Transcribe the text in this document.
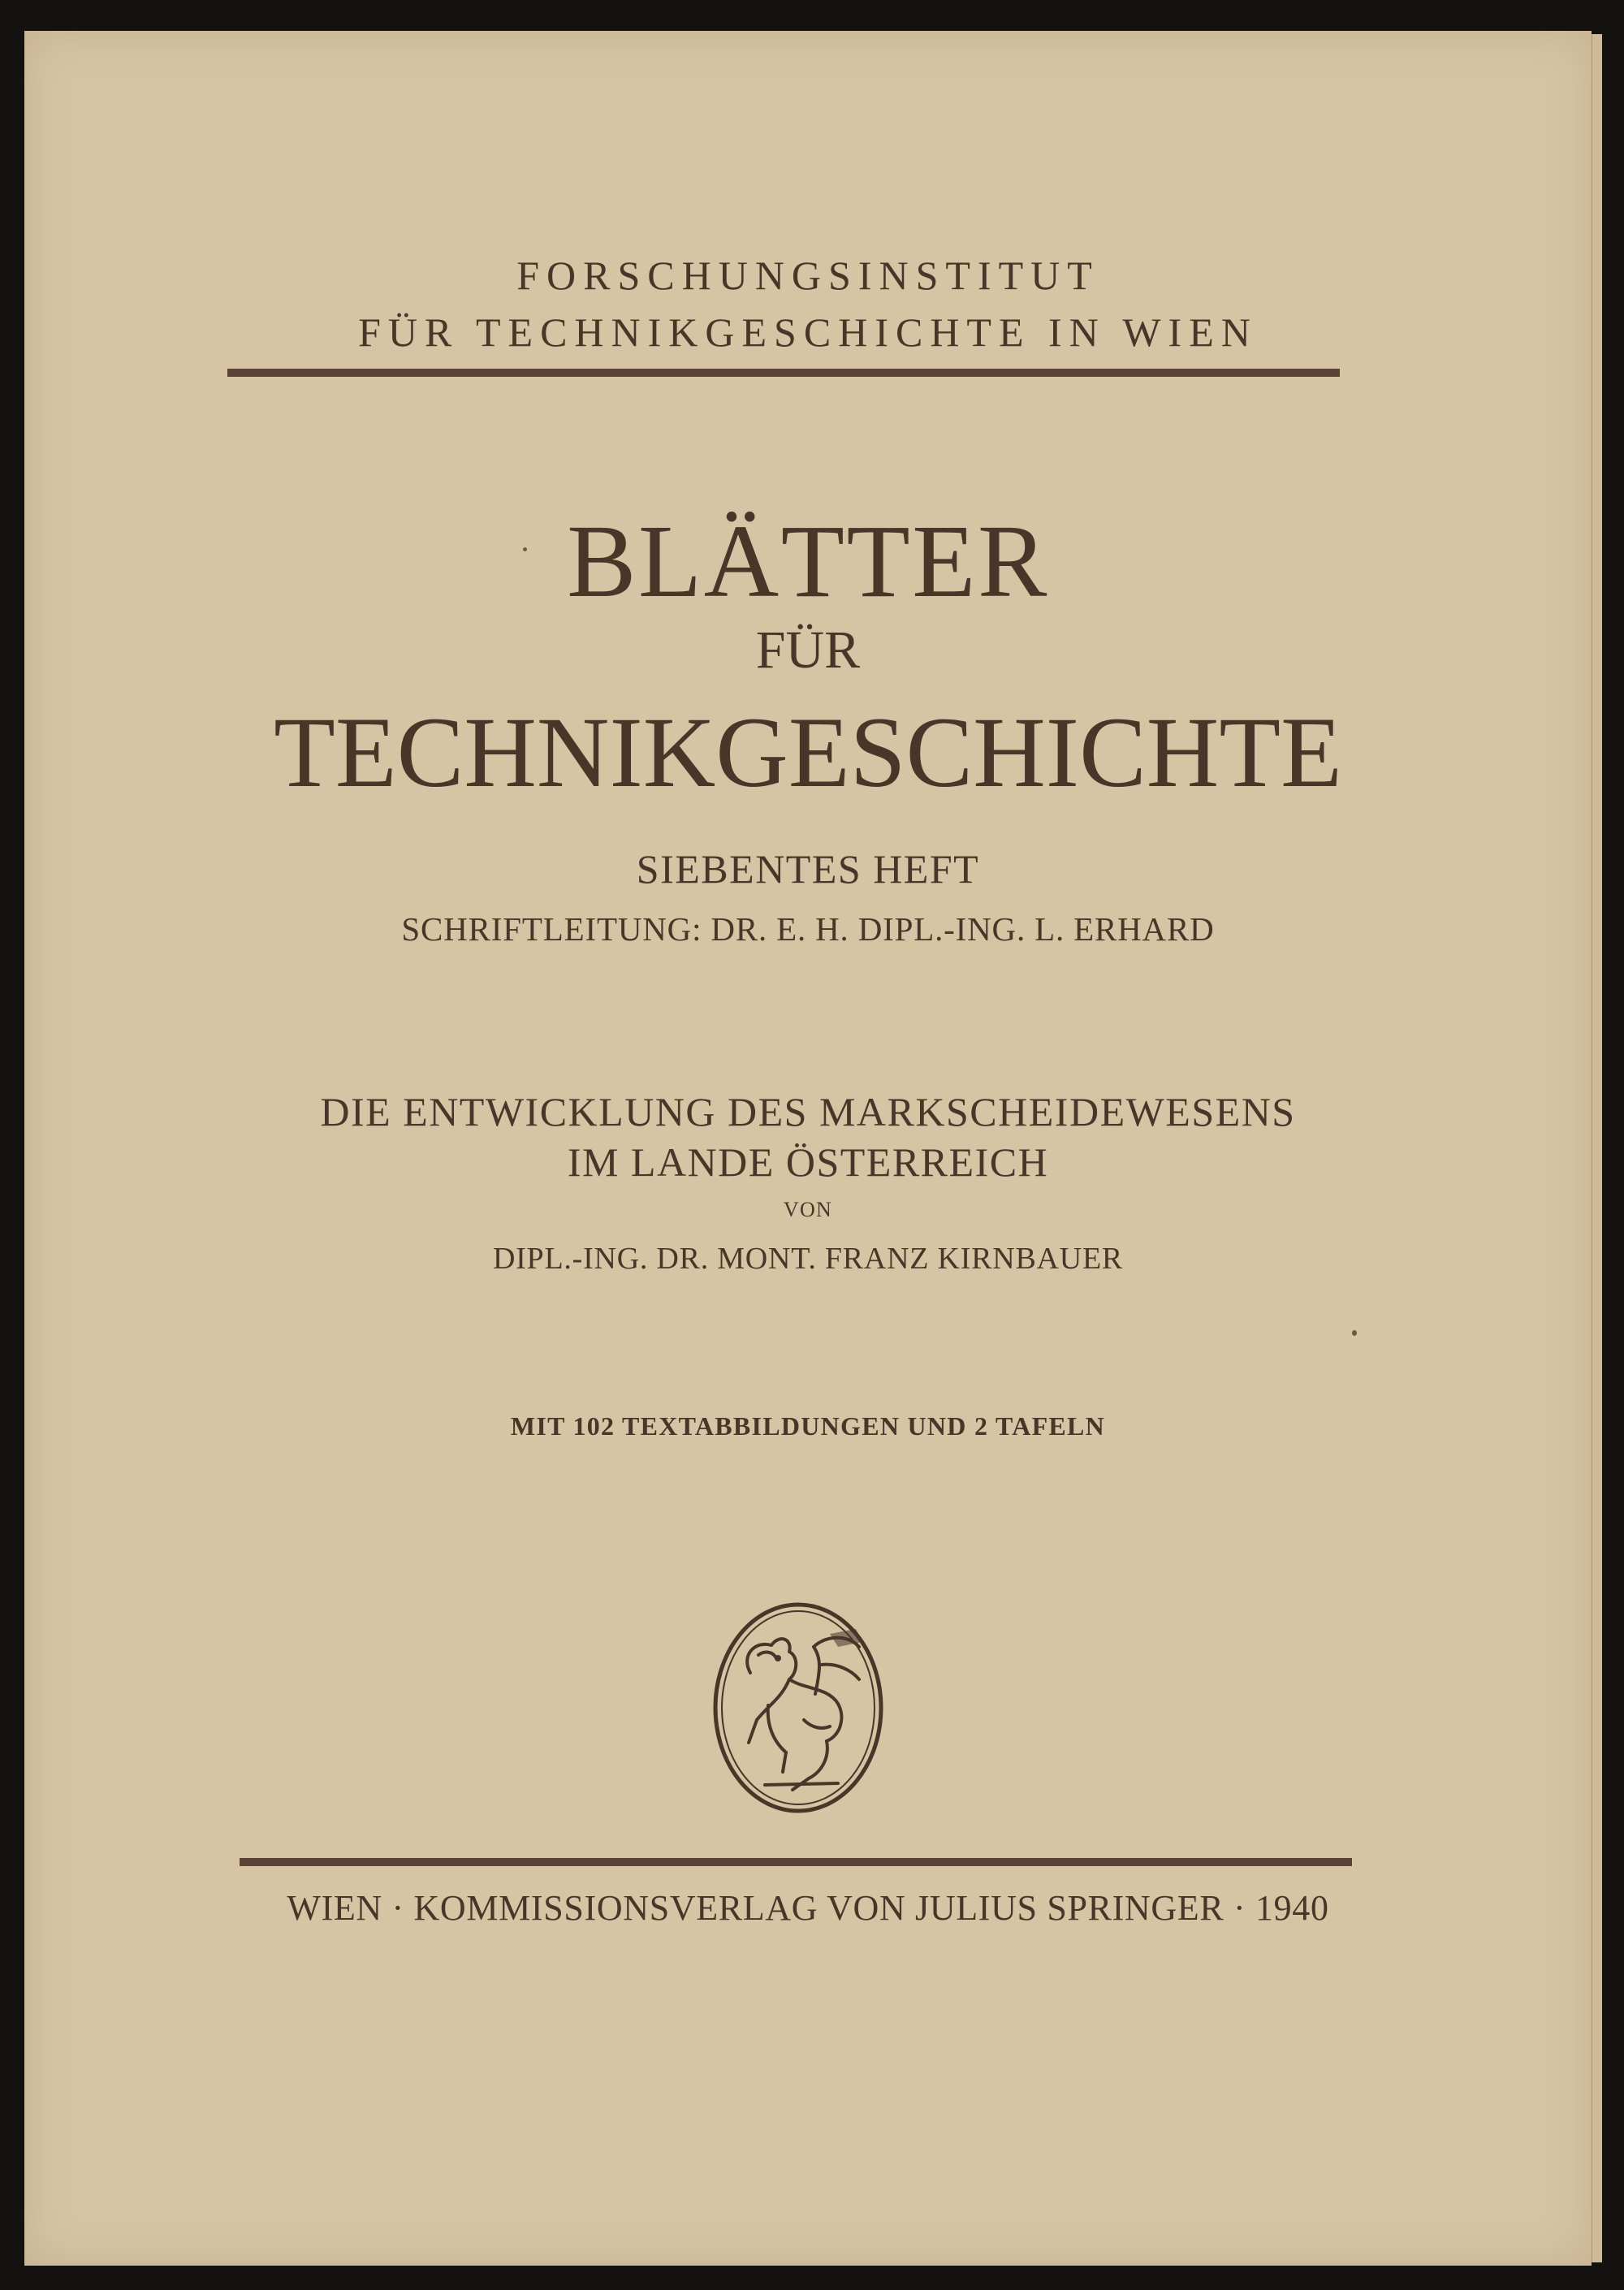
FORSCHUNGSINSTITUT
FÜR TECHNIKGESCHICHTE IN WIEN
BLÄTTER
FÜR
TECHNIKGESCHICHTE
SIEBENTES HEFT
SCHRIFTLEITUNG: DR. E. H. DIPL.-ING. L. ERHARD
DIE ENTWICKLUNG DES MARKSCHEIDEWESENS
IM LANDE ÖSTERREICH
VON
DIPL.-ING. DR. MONT. FRANZ KIRNBAUER
MIT 102 TEXTABBILDUNGEN UND 2 TAFELN
WIEN · KOMMISSIONSVERLAG VON JULIUS SPRINGER · 1940
